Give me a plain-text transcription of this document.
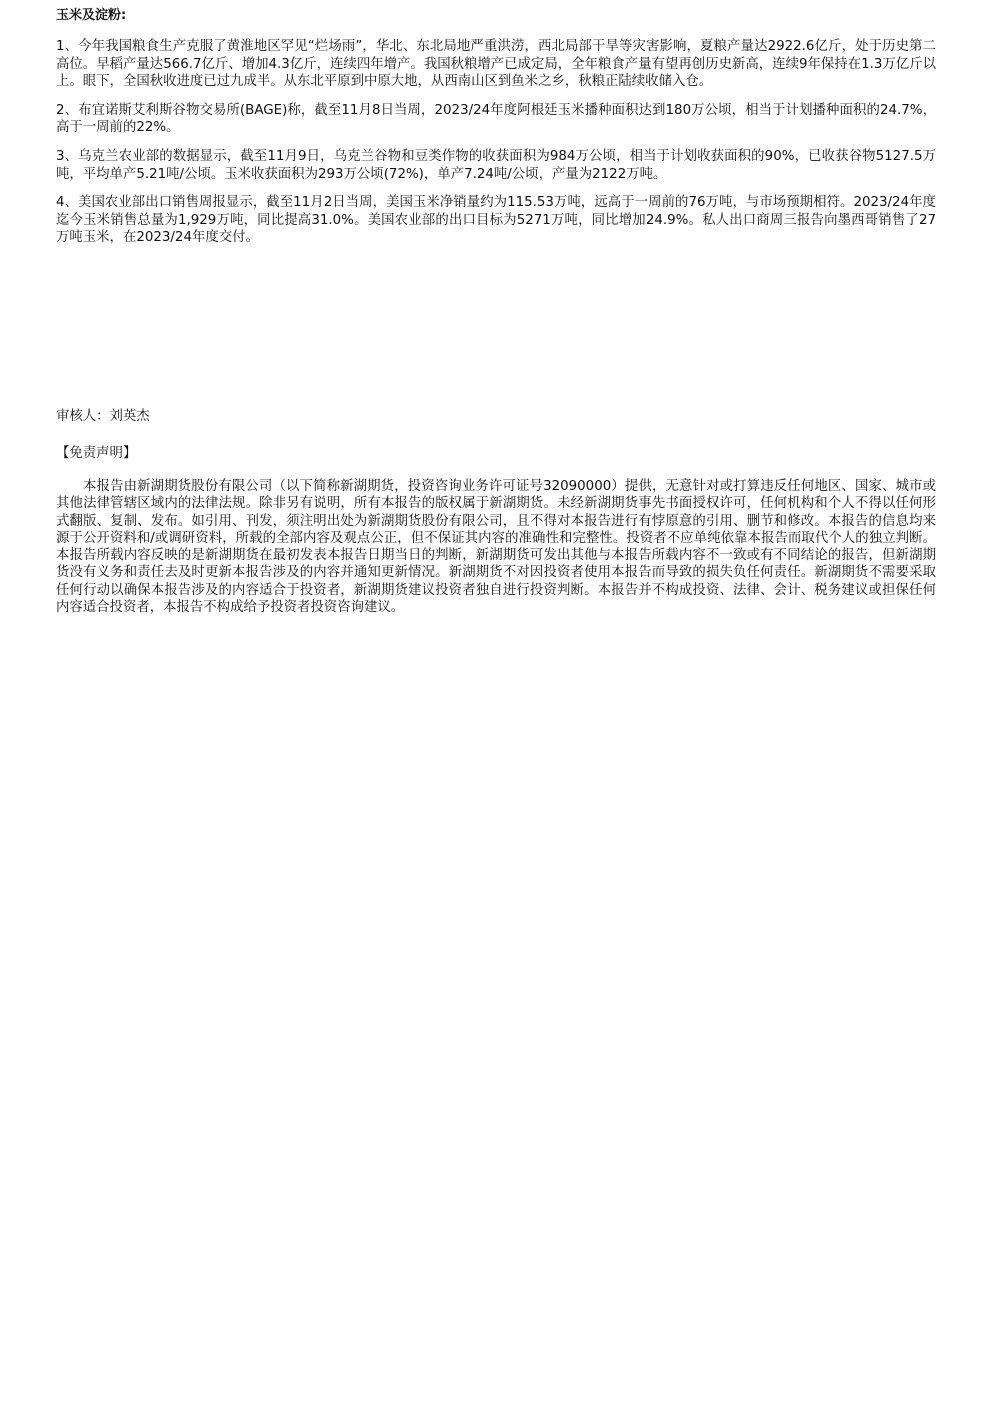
玉米及淀粉:

1、今年我国粮食生产克服了黄淮地区罕见“烂场雨”，华北、东北局地严重洪涝，西北局部干旱等灾害影响，夏粮产量达2922.6亿斤，处于历史第二高位。早稻产量达566.7亿斤、增加4.3亿斤，连续四年增产。我国秋粮增产已成定局，全年粮食产量有望再创历史新高，连续9年保持在1.3万亿斤以上。眼下，全国秋收进度已过九成半。从东北平原到中原大地，从西南山区到鱼米之乡，秋粮正陆续收储入仓。

2、布宜诺斯艾利斯谷物交易所(BAGE)称，截至11月8日当周，2023/24年度阿根廷玉米播种面积达到180万公顷，相当于计划播种面积的24.7%，高于一周前的22%。

3、乌克兰农业部的数据显示，截至11月9日，乌克兰谷物和豆类作物的收获面积为984万公顷，相当于计划收获面积的90%，已收获谷物5127.5万吨，平均单产5.21吨/公顷。玉米收获面积为293万公顷(72%)，单产7.24吨/公顷，产量为2122万吨。

4、美国农业部出口销售周报显示，截至11月2日当周，美国玉米净销量约为115.53万吨，远高于一周前的76万吨，与市场预期相符。2023/24年度迄今玉米销售总量为1,929万吨，同比提高31.0%。美国农业部的出口目标为5271万吨，同比增加24.9%。私人出口商周三报告向墨西哥销售了27万吨玉米，在2023/24年度交付。

审核人：刘英杰
【免责声明】

本报告由新湖期货股份有限公司（以下简称新湖期货，投资咨询业务许可证号32090000）提供，无意针对或打算违反任何地区、国家、城市或其他法律管辖区域内的法律法规。除非另有说明，所有本报告的版权属于新湖期货。未经新湖期货事先书面授权许可，任何机构和个人不得以任何形式翻版、复制、发布。如引用、刊发，须注明出处为新湖期货股份有限公司，且不得对本报告进行有悖原意的引用、删节和修改。本报告的信息均来源于公开资料和/或调研资料，所载的全部内容及观点公正，但不保证其内容的准确性和完整性。投资者不应单纯依靠本报告而取代个人的独立判断。本报告所载内容反映的是新湖期货在最初发表本报告日期当日的判断，新湖期货可发出其他与本报告所载内容不一致或有不同结论的报告，但新湖期货没有义务和责任去及时更新本报告涉及的内容并通知更新情况。新湖期货不对因投资者使用本报告而导致的损失负任何责任。新湖期货不需要采取任何行动以确保本报告涉及的内容适合于投资者，新湖期货建议投资者独自进行投资判断。本报告并不构成投资、法律、会计、税务建议或担保任何内容适合投资者，本报告不构成给予投资者投资咨询建议。
